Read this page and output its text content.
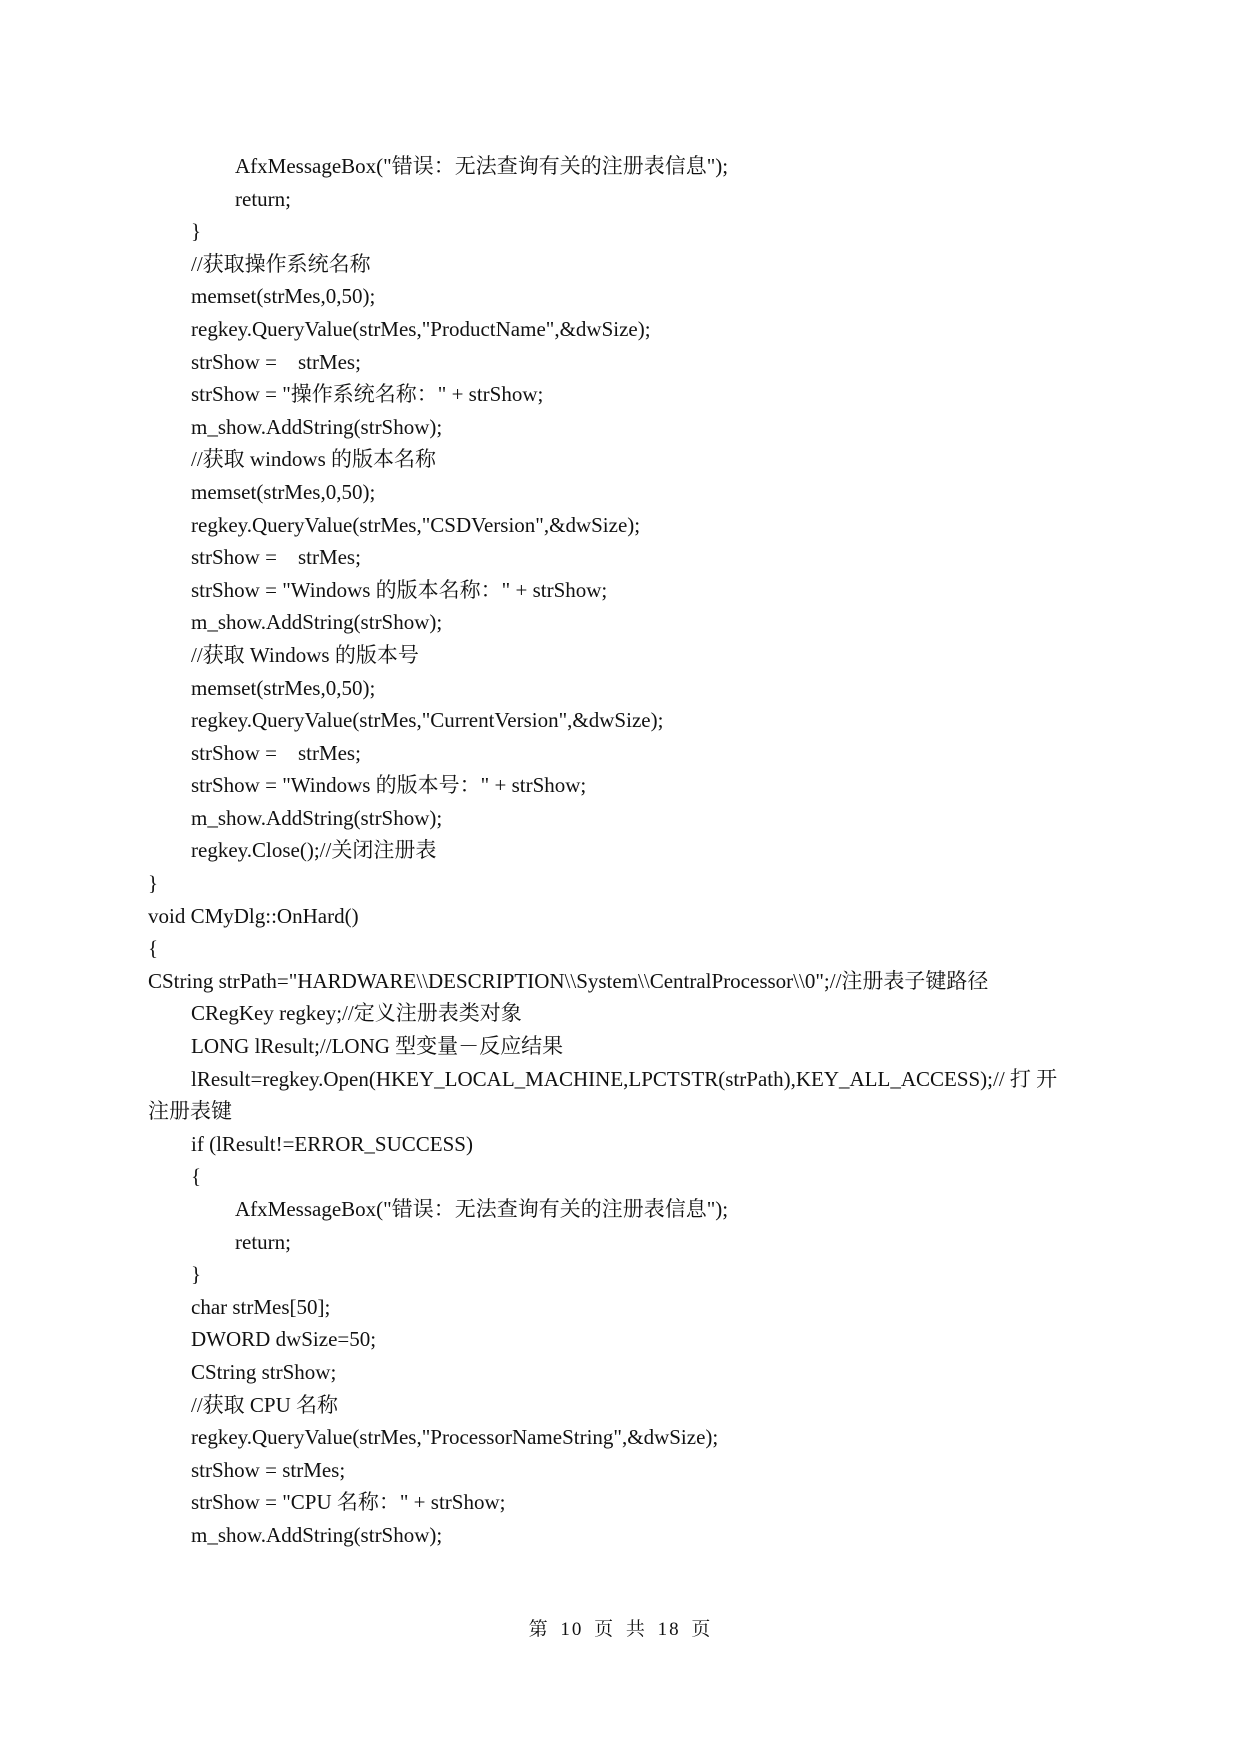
AfxMessageBox("错误：无法查询有关的注册表信息");
return;
}
//获取操作系统名称
memset(strMes,0,50);
regkey.QueryValue(strMes,"ProductName",&dwSize);
strShow =    strMes;
strShow = "操作系统名称：" + strShow;
m_show.AddString(strShow);
//获取 windows 的版本名称
memset(strMes,0,50);
regkey.QueryValue(strMes,"CSDVersion",&dwSize);
strShow =    strMes;
strShow = "Windows 的版本名称：" + strShow;
m_show.AddString(strShow);
//获取 Windows 的版本号
memset(strMes,0,50);
regkey.QueryValue(strMes,"CurrentVersion",&dwSize);
strShow =    strMes;
strShow = "Windows 的版本号：" + strShow;
m_show.AddString(strShow);
regkey.Close();//关闭注册表
}
void CMyDlg::OnHard()
{
CString strPath="HARDWARE\\DESCRIPTION\\System\\CentralProcessor\\0";//注册表子键路径
CRegKey regkey;//定义注册表类对象
LONG lResult;//LONG 型变量－反应结果
lResult=regkey.Open(HKEY_LOCAL_MACHINE,LPCTSTR(strPath),KEY_ALL_ACCESS);// 打 开
注册表键
if (lResult!=ERROR_SUCCESS)
{
AfxMessageBox("错误：无法查询有关的注册表信息");
return;
}
char strMes[50];
DWORD dwSize=50;
CString strShow;
//获取 CPU 名称
regkey.QueryValue(strMes,"ProcessorNameString",&dwSize);
strShow = strMes;
strShow = "CPU 名称：" + strShow;
m_show.AddString(strShow);
第 10 页 共 18 页
